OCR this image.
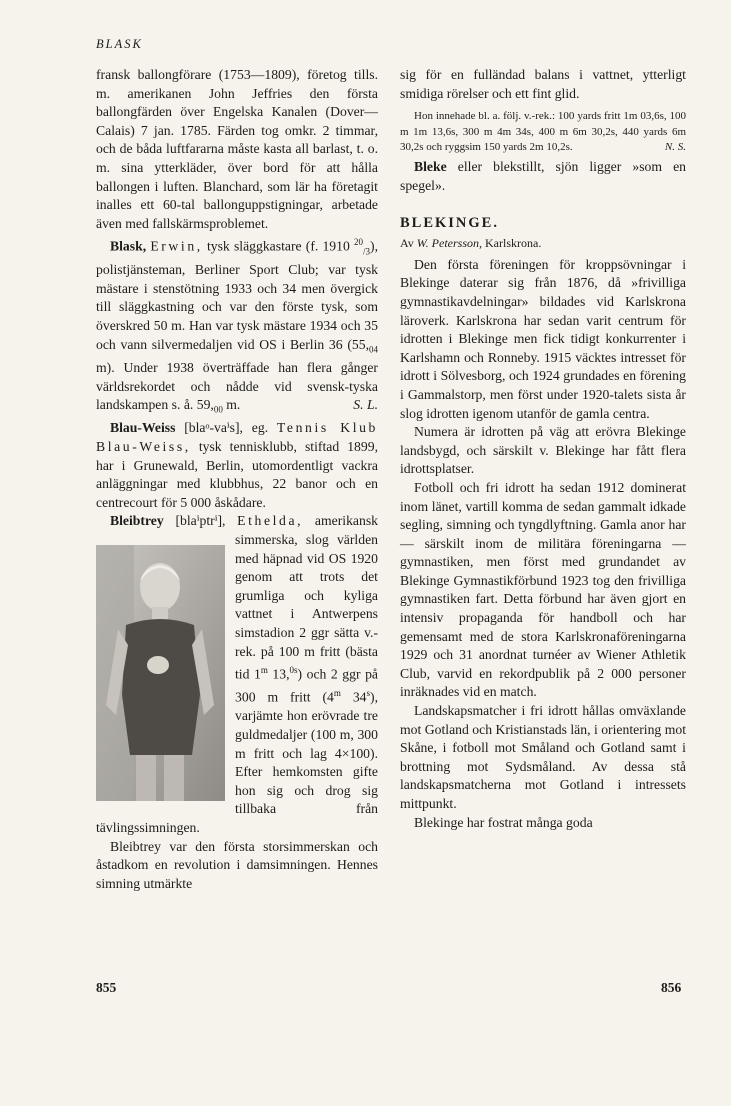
BLASK

fransk ballongförare (1753—1809), företog tills. m. amerikanen John Jeffries den första ballongfärden över Engelska Kanalen (Dover—Calais) 7 jan. 1785. Färden tog omkr. 2 timmar, och de båda luftfararna måste kasta all barlast, t. o. m. sina ytterkläder, över bord för att hålla ballongen i luften. Blanchard, som lär ha företagit inalles ett 60-tal ballonguppstigningar, arbetade även med fallskärmsproblemet.

Blask, Erwin, tysk släggkastare (f. 1910 $^{20}_{/3}$), polistjänsteman, Berliner Sport Club; var tysk mästare i stenstötning 1933 och 34 men övergick till släggkastning och var den förste tysk, som överskred 50 m. Han var tysk mästare 1934 och 35 och vann silvermedaljen vid OS i Berlin 36 ($55,_{04}$ m). Under 1938 överträffade han flera gånger världsrekordet och nådde vid svensk-tyska landskampen s. å. $59,_{00}$ m.	S. L.

Blau-Weiss [blaᵒ-vaⁱs], eg. Tennis Klub Blau-Weiss, tysk tennisklubb, stiftad 1899, har i Grunewald, Berlin, utomordentligt vackra anläggningar med klubbhus, 22 banor och en centrecourt för 5 000 åskådare.

Bleibtrey [blaⁱptrⁱ], Ethelda,
amerikansk simmerska, slog världen med häpnad vid OS 1920 genom att trots det grumliga och kyliga vattnet i Antwerpens simstadion 2 ggr sätta v.-rek. på 100 m fritt (bästa tid 1$^m$ 13,$^{0s}$) och 2 ggr på 300 m fritt (4$^m$ 34$^s$), varjämte hon erövrade tre guldmedaljer (100 m, 300 m fritt och lag 4×100). Efter hemkomsten gifte hon sig och drog sig tillbaka från tävlingssimningen.

Bleibtrey var den första storsimmerskan och åstadkom en revolution i damsimningen. Hennes simning utmärkte

sig för en fulländad balans i vattnet, ytterligt smidiga rörelser och ett fint glid.

Hon innehade bl. a. följ. v.-rek.: 100 yards fritt 1m 03,6s, 100 m 1m 13,6s, 300 m 4m 34s, 400 m 6m 30,2s, 440 yards 6m 30,2s och ryggsim 150 yards 2m 10,2s.	N. S.

Bleke eller blekstillt, sjön ligger »som en spegel».

BLEKINGE.

Av W. Petersson, Karlskrona.

Den första föreningen för kroppsövningar i Blekinge daterar sig från 1876, då »frivilliga gymnastikavdelningar» bildades vid Karlskrona läroverk. Karlskrona har sedan varit centrum för idrotten i Blekinge men fick tidigt konkurrenter i Karlshamn och Ronneby. 1915 väcktes intresset för idrott i Sölvesborg, och 1924 grundades en förening i Gammalstorp, men först under 1920-talets sista år slog idrotten igenom utanför de gamla centra.

Numera är idrotten på väg att erövra Blekinge landsbygd, och särskilt v. Blekinge har fått flera idrottsplatser.

Fotboll och fri idrott ha sedan 1912 dominerat inom länet, vartill komma de sedan gammalt idkade segling, simning och tyngdlyftning. Gamla anor har — särskilt inom de militära föreningarna — gymnastiken, men först med grundandet av Blekinge Gymnastikförbund 1923 tog den frivilliga gymnastiken fart. Detta förbund har även gjort en intensiv propaganda för handboll och har gemensamt med de stora Karlskronaföreningarna 1929 och 31 anordnat turnéer av Wiener Athletik Club, varvid en rekordpublik på 2 000 personer inräknades vid en match.

Landskapsmatcher i fri idrott hållas omväxlande mot Gotland och Kristianstads län, i orientering mot Skåne, i fotboll mot Småland och Gotland samt i brottning mot Sydsmåland. Av dessa stå landskapsmatcherna mot Gotland i intressets mittpunkt.

Blekinge har fostrat många goda

855	856
